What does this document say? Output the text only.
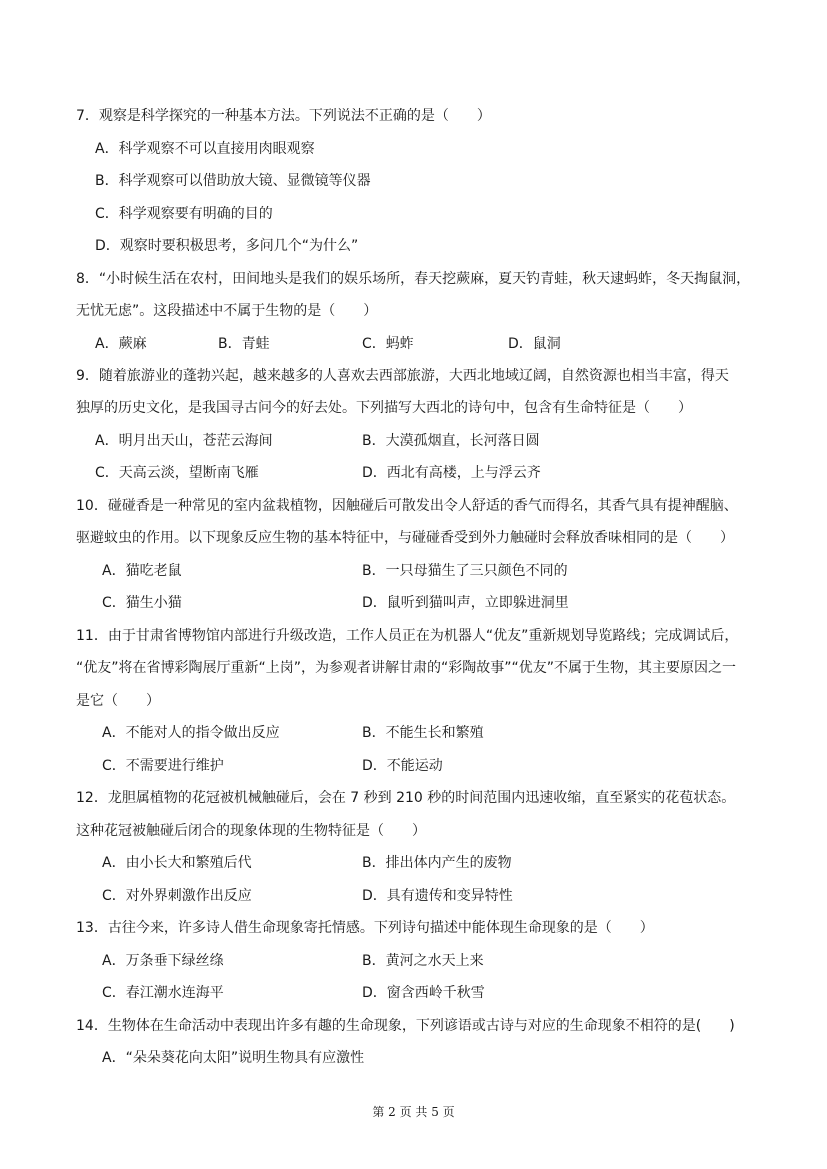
7．观察是科学探究的一种基本方法。下列说法不正确的是（　　）
A．科学观察不可以直接用肉眼观察
B．科学观察可以借助放大镜、显微镜等仪器
C．科学观察要有明确的目的
D．观察时要积极思考，多问几个“为什么”
8．“小时候生活在农村，田间地头是我们的娱乐场所，春天挖蕨麻，夏天钓青蛙，秋天逮蚂蚱，冬天掏鼠洞，
无忧无虑”。这段描述中不属于生物的是（　　）
A．蕨麻	B．青蛙	C．蚂蚱	D．鼠洞
9．随着旅游业的蓬勃兴起，越来越多的人喜欢去西部旅游，大西北地域辽阔，自然资源也相当丰富，得天
独厚的历史文化，是我国寻古问今的好去处。下列描写大西北的诗句中，包含有生命特征是（　　）
A．明月出天山，苍茫云海间	B．大漠孤烟直，长河落日圆
C．天高云淡，望断南飞雁	D．西北有高楼，上与浮云齐
10．碰碰香是一种常见的室内盆栽植物，因触碰后可散发出令人舒适的香气而得名，其香气具有提神醒脑、
驱避蚊虫的作用。以下现象反应生物的基本特征中，与碰碰香受到外力触碰时会释放香味相同的是（　　）
A．猫吃老鼠	B．一只母猫生了三只颜色不同的
C．猫生小猫	D．鼠听到猫叫声，立即躲进洞里
11．由于甘肃省博物馆内部进行升级改造，工作人员正在为机器人“优友”重新规划导览路线；完成调试后，
“优友”将在省博彩陶展厅重新“上岗”，为参观者讲解甘肃的“彩陶故事”“优友”不属于生物，其主要原因之一
是它（　　）
A．不能对人的指令做出反应	B．不能生长和繁殖
C．不需要进行维护	D．不能运动
12．龙胆属植物的花冠被机械触碰后，会在 7 秒到 210 秒的时间范围内迅速收缩，直至紧实的花苞状态。
这种花冠被触碰后闭合的现象体现的生物特征是（　　）
A．由小长大和繁殖后代	B．排出体内产生的废物
C．对外界刺激作出反应	D．具有遗传和变异特性
13．古往今来，许多诗人借生命现象寄托情感。下列诗句描述中能体现生命现象的是（　　）
A．万条垂下绿丝绦	B．黄河之水天上来
C．春江潮水连海平	D．窗含西岭千秋雪
14．生物体在生命活动中表现出许多有趣的生命现象，下列谚语或古诗与对应的生命现象不相符的是(　　)
A．“朵朵葵花向太阳”说明生物具有应激性
第 2 页 共 5 页
